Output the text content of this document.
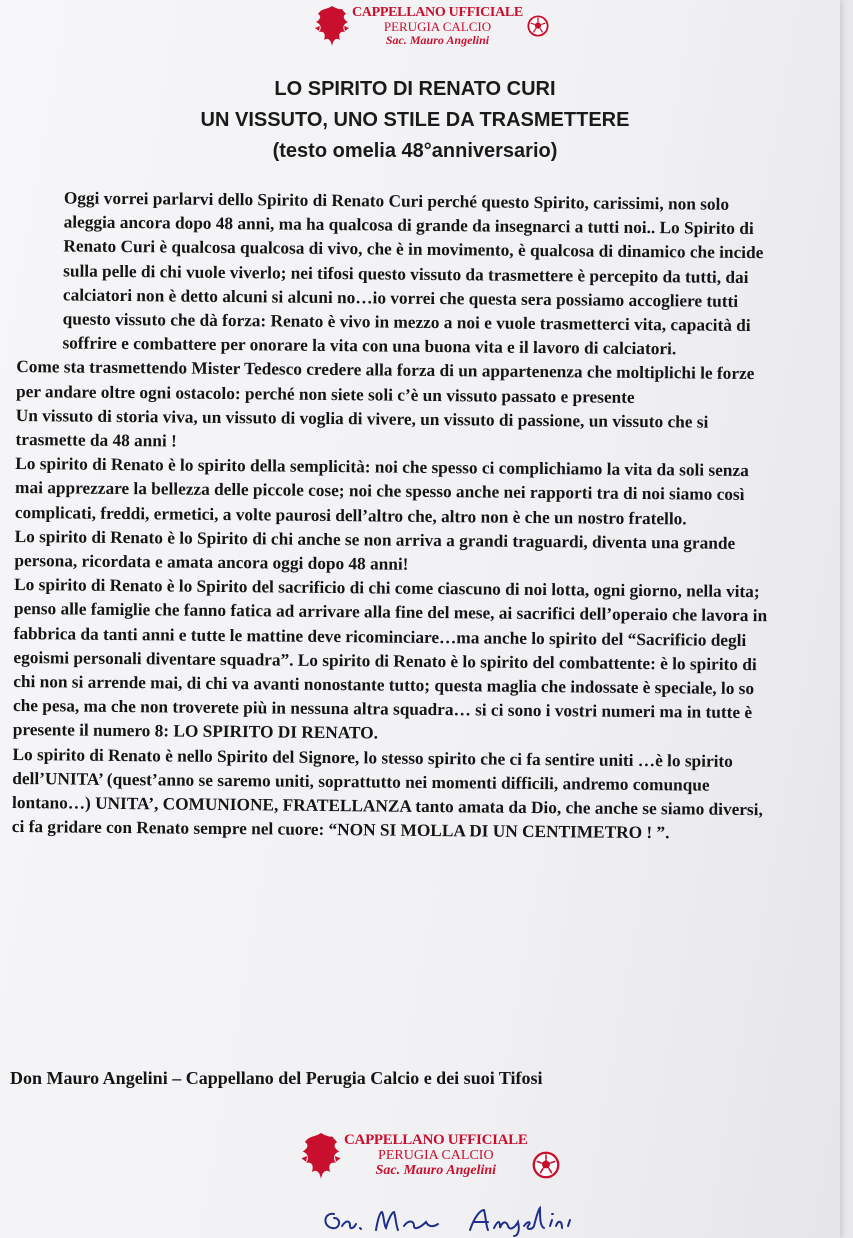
CAPPELLANO UFFICIALE
PERUGIA CALCIO
Sac. Mauro Angelini
LO SPIRITO DI RENATO CURI
UN VISSUTO, UNO STILE DA TRASMETTERE
(testo omelia 48°anniversario)

Oggi vorrei parlarvi dello Spirito di Renato Curi perché questo Spirito, carissimi, non solo aleggia ancora dopo 48 anni, ma ha qualcosa di grande da insegnarci a tutti noi.. Lo Spirito di Renato Curi è qualcosa qualcosa di vivo, che è in movimento, è qualcosa di dinamico che incide sulla pelle di chi vuole viverlo; nei tifosi questo vissuto da trasmettere è percepito da tutti, dai calciatori non è detto alcuni si alcuni no…io vorrei che questa sera possiamo accogliere tutti questo vissuto che dà forza: Renato è vivo in mezzo a noi e vuole trasmetterci vita, capacità di soffrire e combattere per onorare la vita con una buona vita e il lavoro di calciatori.

Come sta trasmettendo Mister Tedesco credere alla forza di un appartenenza che moltiplichi le forze per andare oltre ogni ostacolo: perché non siete soli c’è un vissuto passato e presente

Un vissuto di storia viva, un vissuto di voglia di vivere, un vissuto di passione, un vissuto che si trasmette da 48 anni !

Lo spirito di Renato è lo spirito della semplicità: noi che spesso ci complichiamo la vita da soli senza mai apprezzare la bellezza delle piccole cose; noi che spesso anche nei rapporti tra di noi siamo così complicati, freddi, ermetici, a volte paurosi dell’altro che, altro non è che un nostro fratello.

Lo spirito di Renato è lo Spirito di chi anche se non arriva a grandi traguardi, diventa una grande persona, ricordata e amata ancora oggi dopo 48 anni!

Lo spirito di Renato è lo Spirito del sacrificio di chi come ciascuno di noi lotta, ogni giorno, nella vita; penso alle famiglie che fanno fatica ad arrivare alla fine del mese, ai sacrifici dell’operaio che lavora in fabbrica da tanti anni e tutte le mattine deve ricominciare…ma anche lo spirito del “Sacrificio degli egoismi personali diventare squadra”. Lo spirito di Renato è lo spirito del combattente: è lo spirito di chi non si arrende mai, di chi va avanti nonostante tutto; questa maglia che indossate è speciale, lo so che pesa, ma che non troverete più in nessuna altra squadra… si ci sono i vostri numeri ma in tutte è presente il numero 8: LO SPIRITO DI RENATO.

Lo spirito di Renato è nello Spirito del Signore, lo stesso spirito che ci fa sentire uniti …è lo spirito dell’UNITA’ (quest’anno se saremo uniti, soprattutto nei momenti difficili, andremo comunque lontano…) UNITA’, COMUNIONE, FRATELLANZA tanto amata da Dio, che anche se siamo diversi, ci fa gridare con Renato sempre nel cuore: “NON SI MOLLA DI UN CENTIMETRO ! ”.

Don Mauro Angelini – Cappellano del Perugia Calcio e dei suoi Tifosi
CAPPELLANO UFFICIALE
PERUGIA CALCIO
Sac. Mauro Angelini
